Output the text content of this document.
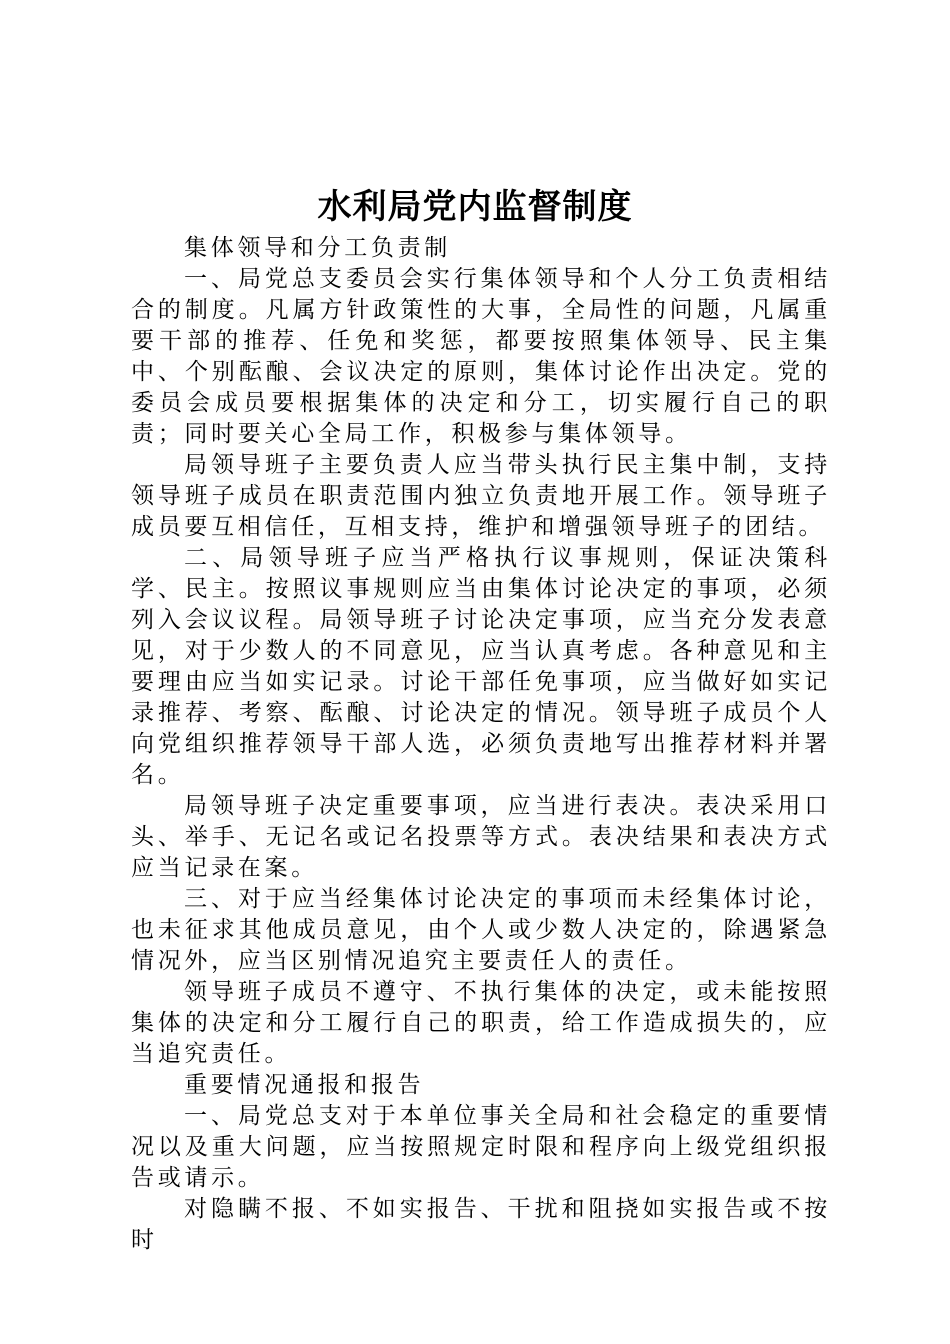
水利局党内监督制度

集体领导和分工负责制

一、局党总支委员会实行集体领导和个人分工负责相结合的制度。凡属方针政策性的大事，全局性的问题，凡属重要干部的推荐、任免和奖惩，都要按照集体领导、民主集中、个别酝酿、会议决定的原则，集体讨论作出决定。党的委员会成员要根据集体的决定和分工，切实履行自己的职责；同时要关心全局工作，积极参与集体领导。

局领导班子主要负责人应当带头执行民主集中制，支持领导班子成员在职责范围内独立负责地开展工作。领导班子成员要互相信任，互相支持，维护和增强领导班子的团结。

二、局领导班子应当严格执行议事规则，保证决策科学、民主。按照议事规则应当由集体讨论决定的事项，必须列入会议议程。局领导班子讨论决定事项，应当充分发表意见，对于少数人的不同意见，应当认真考虑。各种意见和主要理由应当如实记录。讨论干部任免事项，应当做好如实记录推荐、考察、酝酿、讨论决定的情况。领导班子成员个人向党组织推荐领导干部人选，必须负责地写出推荐材料并署名。

局领导班子决定重要事项，应当进行表决。表决采用口头、举手、无记名或记名投票等方式。表决结果和表决方式应当记录在案。

三、对于应当经集体讨论决定的事项而未经集体讨论，也未征求其他成员意见，由个人或少数人决定的，除遇紧急情况外，应当区别情况追究主要责任人的责任。

领导班子成员不遵守、不执行集体的决定，或未能按照集体的决定和分工履行自己的职责，给工作造成损失的，应当追究责任。

重要情况通报和报告

一、局党总支对于本单位事关全局和社会稳定的重要情况以及重大问题，应当按照规定时限和程序向上级党组织报告或请示。

对隐瞒不报、不如实报告、干扰和阻挠如实报告或不按时
